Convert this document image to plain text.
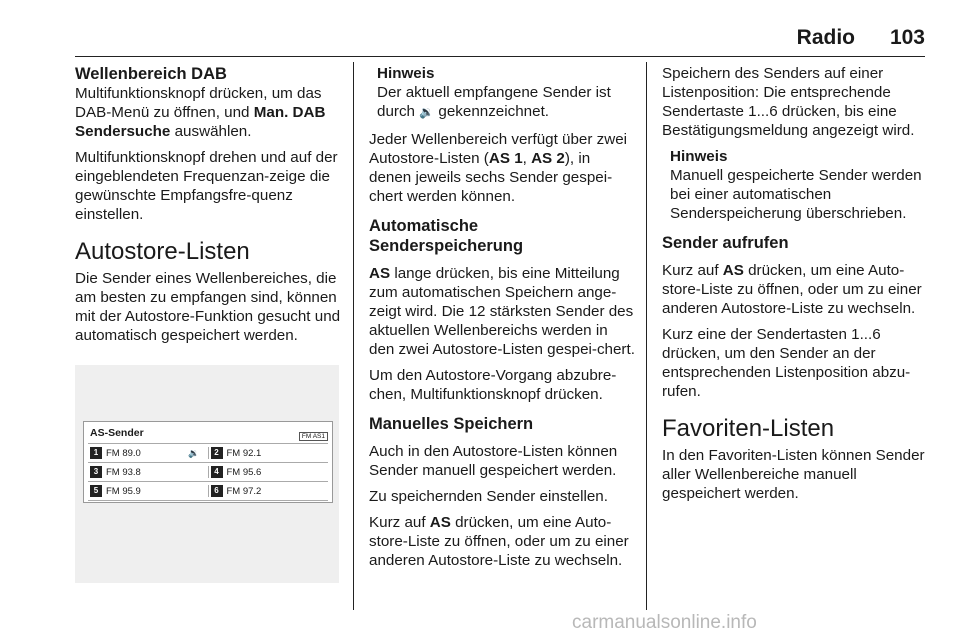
Radio 103
Wellenbereich DAB

Multifunktionsknopf drücken, um das DAB-Menü zu öffnen, und Man. DAB Sendersuche auswählen.

Multifunktionsknopf drehen und auf der eingeblendeten Frequenzan-zeige die gewünschte Empfangsfre-quenz einstellen.

Autostore-Listen

Die Sender eines Wellenbereiches, die am besten zu empfangen sind, können mit der Autostore-Funktion gesucht und automatisch gespeichert werden.

AS-Sender	FM AS1
1 FM 89.0	🔉	2 FM 92.1
3 FM 93.8	4 FM 95.6
5 FM 95.9	6 FM 97.2
Hinweis
Der aktuell empfangene Sender ist durch 🔉 gekennzeichnet.

Jeder Wellenbereich verfügt über zwei Autostore-Listen (AS 1, AS 2), in denen jeweils sechs Sender gespei-chert werden können.

Automatische
Senderspeicherung

AS lange drücken, bis eine Mitteilung zum automatischen Speichern ange-zeigt wird. Die 12 stärksten Sender des aktuellen Wellenbereichs werden in den zwei Autostore-Listen gespei-chert.

Um den Autostore-Vorgang abzubre-chen, Multifunktionsknopf drücken.

Manuelles Speichern

Auch in den Autostore-Listen können Sender manuell gespeichert werden.

Zu speichernden Sender einstellen.

Kurz auf AS drücken, um eine Auto-store-Liste zu öffnen, oder um zu einer anderen Autostore-Liste zu wechseln.

Speichern des Senders auf einer Listenposition: Die entsprechende Sendertaste 1...6 drücken, bis eine Bestätigungsmeldung angezeigt wird.

Hinweis
Manuell gespeicherte Sender werden bei einer automatischen Senderspeicherung überschrieben.
Sender aufrufen

Kurz auf AS drücken, um eine Auto-store-Liste zu öffnen, oder um zu einer anderen Autostore-Liste zu wechseln.

Kurz eine der Sendertasten 1...6 drücken, um den Sender an der entsprechenden Listenposition abzu-rufen.

Favoriten-Listen

In den Favoriten-Listen können Sender aller Wellenbereiche manuell gespeichert werden.

carmanualsonline.info
